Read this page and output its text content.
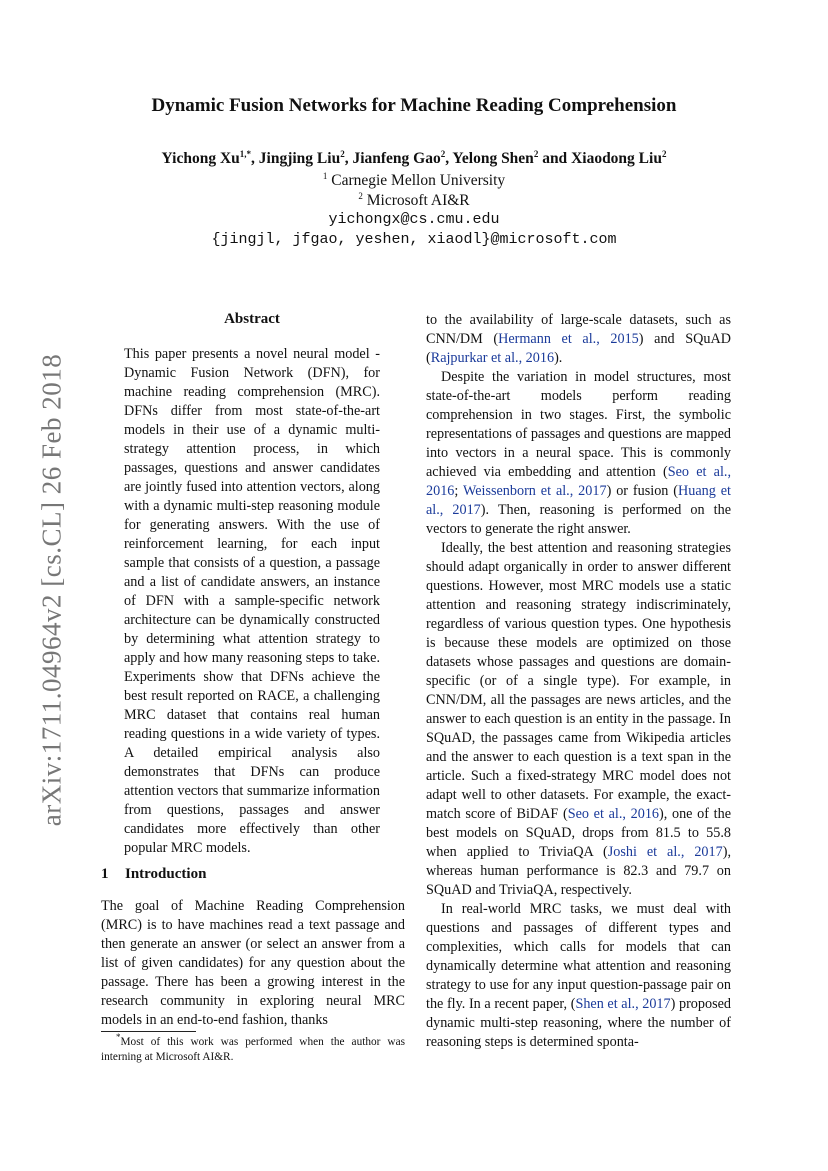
arXiv:1711.04964v2 [cs.CL] 26 Feb 2018
Dynamic Fusion Networks for Machine Reading Comprehension
Yichong $Xu^{1,*}$, Jingjing Liu$^2$, Jianfeng Gao$^2$, Yelong Shen$^2$ and Xiaodong Liu$^2$
$^1$ Carnegie Mellon University
$^2$ Microsoft AI&R
yichongx@cs.cmu.edu
{jingjl, jfgao, yeshen, xiaodl}@microsoft.com
Abstract
This paper presents a novel neural model - Dynamic Fusion Network (DFN), for machine reading comprehension (MRC). DFNs differ from most state-of-the-art models in their use of a dynamic multi-strategy attention process, in which passages, questions and answer candidates are jointly fused into attention vectors, along with a dynamic multi-step reasoning module for generating answers. With the use of reinforcement learning, for each input sample that consists of a question, a passage and a list of candidate answers, an instance of DFN with a sample-specific network architecture can be dynamically constructed by determining what attention strategy to apply and how many reasoning steps to take. Experiments show that DFNs achieve the best result reported on RACE, a challenging MRC dataset that contains real human reading questions in a wide variety of types. A detailed empirical analysis also demonstrates that DFNs can produce attention vectors that summarize information from questions, passages and answer candidates more effectively than other popular MRC models.
1 Introduction

The goal of Machine Reading Comprehension (MRC) is to have machines read a text passage and then generate an answer (or select an answer from a list of given candidates) for any question about the passage. There has been a growing interest in the research community in exploring neural MRC models in an end-to-end fashion, thanks

*Most of this work was performed when the author was interning at Microsoft AI&R.

to the availability of large-scale datasets, such as CNN/DM (Hermann et al., 2015) and SQuAD (Rajpurkar et al., 2016).

Despite the variation in model structures, most state-of-the-art models perform reading comprehension in two stages. First, the symbolic representations of passages and questions are mapped into vectors in a neural space. This is commonly achieved via embedding and attention (Seo et al., 2016; Weissenborn et al., 2017) or fusion (Huang et al., 2017). Then, reasoning is performed on the vectors to generate the right answer.

Ideally, the best attention and reasoning strategies should adapt organically in order to answer different questions. However, most MRC models use a static attention and reasoning strategy indiscriminately, regardless of various question types. One hypothesis is because these models are optimized on those datasets whose passages and questions are domain-specific (or of a single type). For example, in CNN/DM, all the passages are news articles, and the answer to each question is an entity in the passage. In SQuAD, the passages came from Wikipedia articles and the answer to each question is a text span in the article. Such a fixed-strategy MRC model does not adapt well to other datasets. For example, the exact-match score of BiDAF (Seo et al., 2016), one of the best models on SQuAD, drops from 81.5 to 55.8 when applied to TriviaQA (Joshi et al., 2017), whereas human performance is 82.3 and 79.7 on SQuAD and TriviaQA, respectively.

In real-world MRC tasks, we must deal with questions and passages of different types and complexities, which calls for models that can dynamically determine what attention and reasoning strategy to use for any input question-passage pair on the fly. In a recent paper, (Shen et al., 2017) proposed dynamic multi-step reasoning, where the number of reasoning steps is determined sponta-
